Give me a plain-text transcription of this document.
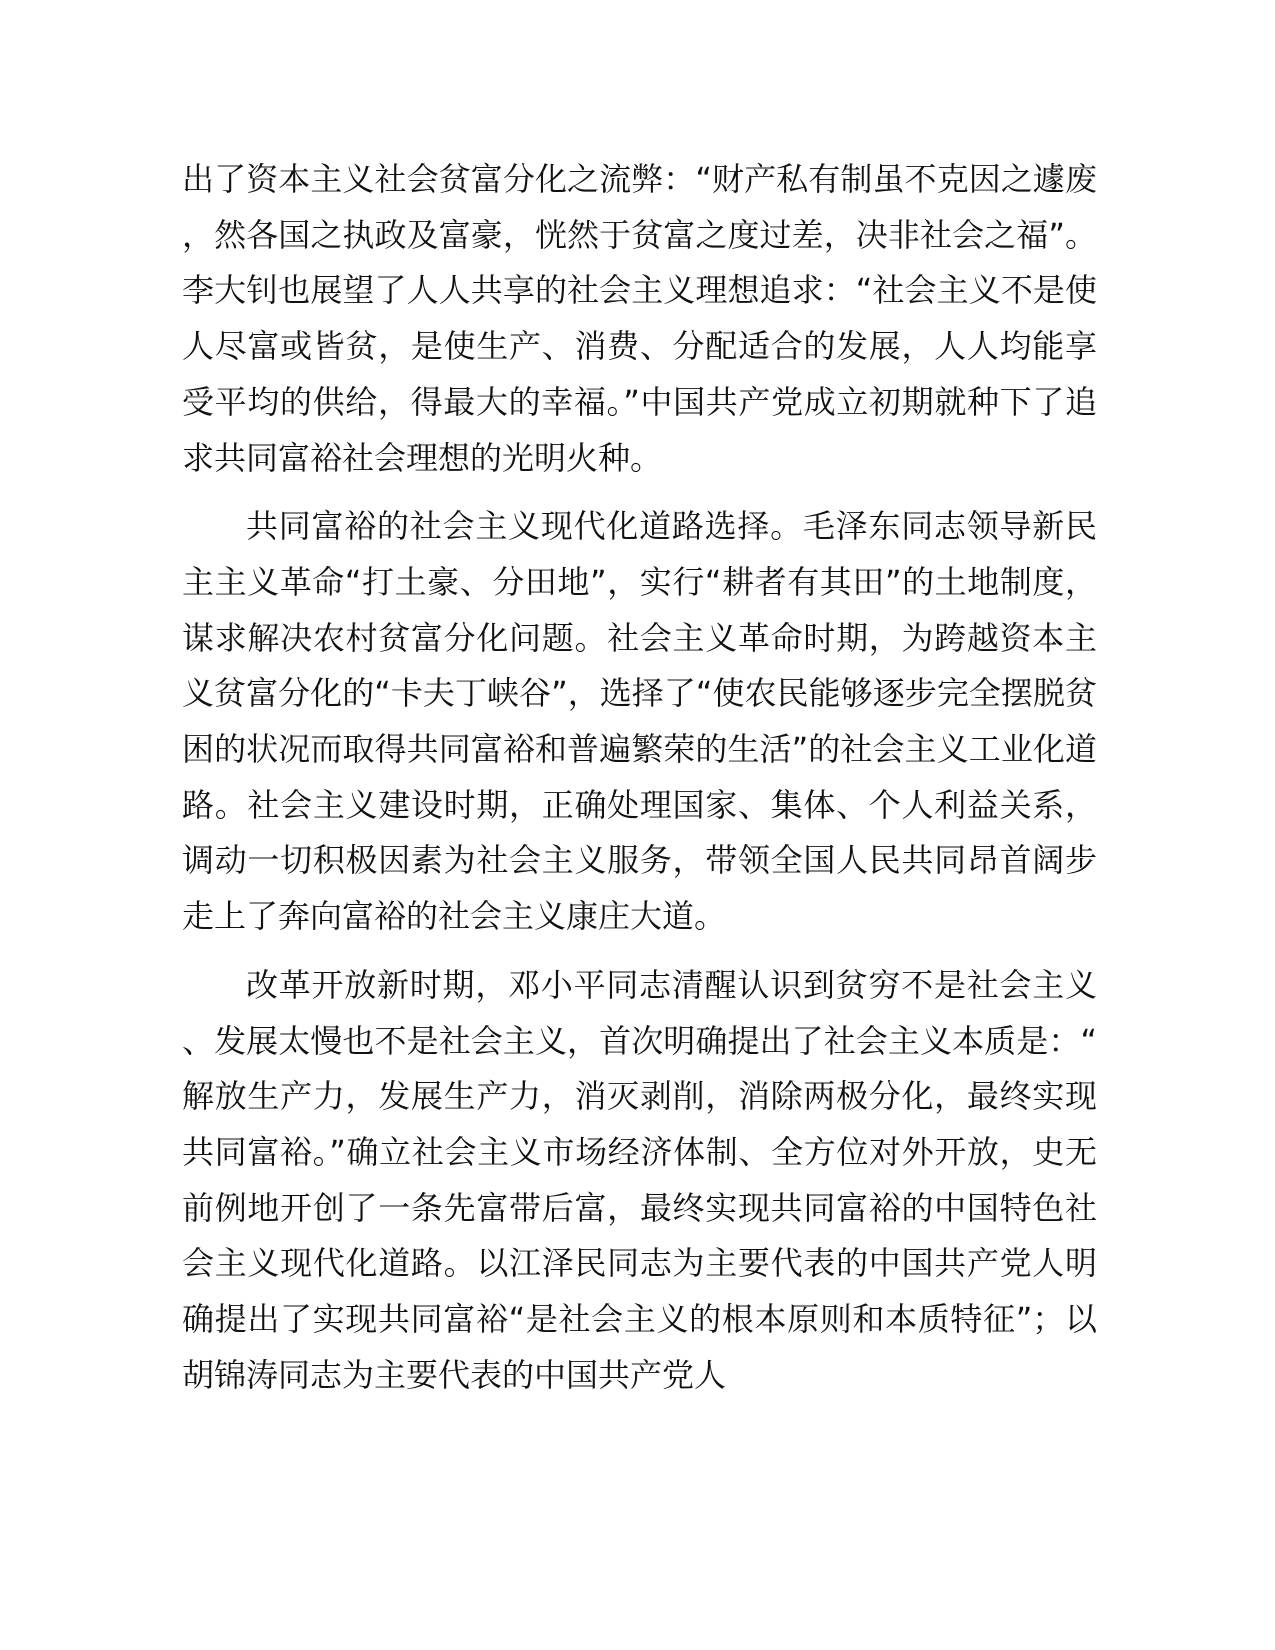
出了资本主义社会贫富分化之流弊：“财产私有制虽不克因之遽废，然各国之执政及富豪，恍然于贫富之度过差，决非社会之福”。李大钊也展望了人人共享的社会主义理想追求：“社会主义不是使人尽富或皆贫，是使生产、消费、分配适合的发展，人人均能享受平均的供给，得最大的幸福。”中国共产党成立初期就种下了追求共同富裕社会理想的光明火种。

共同富裕的社会主义现代化道路选择。毛泽东同志领导新民主主义革命“打土豪、分田地”，实行“耕者有其田”的土地制度，谋求解决农村贫富分化问题。社会主义革命时期，为跨越资本主义贫富分化的“卡夫丁峡谷”，选择了“使农民能够逐步完全摆脱贫困的状况而取得共同富裕和普遍繁荣的生活”的社会主义工业化道路。社会主义建设时期，正确处理国家、集体、个人利益关系，调动一切积极因素为社会主义服务，带领全国人民共同昂首阔步走上了奔向富裕的社会主义康庄大道。

改革开放新时期，邓小平同志清醒认识到贫穷不是社会主义、发展太慢也不是社会主义，首次明确提出了社会主义本质是：“解放生产力，发展生产力，消灭剥削，消除两极分化，最终实现共同富裕。”确立社会主义市场经济体制、全方位对外开放，史无前例地开创了一条先富带后富，最终实现共同富裕的中国特色社会主义现代化道路。以江泽民同志为主要代表的中国共产党人明确提出了实现共同富裕“是社会主义的根本原则和本质特征”；以胡锦涛同志为主要代表的中国共产党人
